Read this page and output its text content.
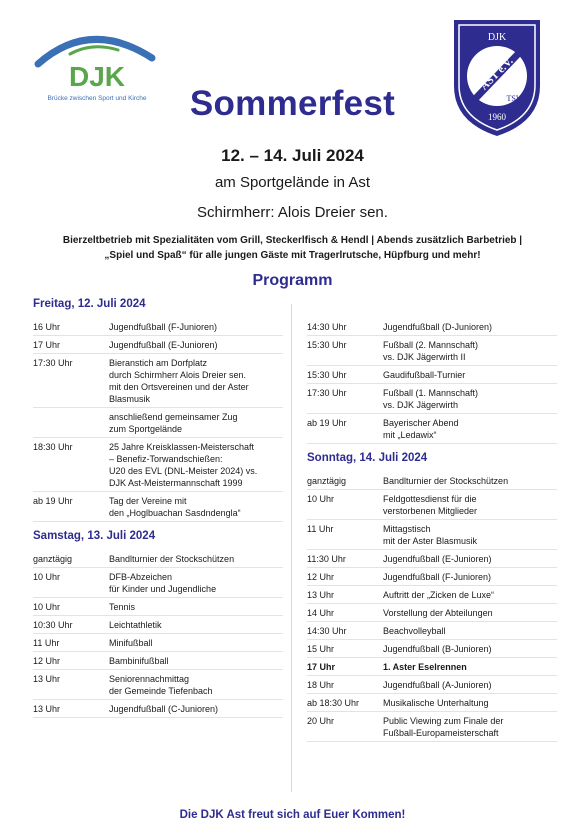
DJK
Brücke zwischen Sport und Kirche
DJK
AST e.V.
TSV
1960
Sommerfest
12. – 14. Juli 2024
am Sportgelände in Ast
Schirmherr: Alois Dreier sen.
Bierzeltbetrieb mit Spezialitäten vom Grill, Steckerlfisch & Hendl | Abends zusätzlich Barbetrieb |
„Spiel und Spaß“ für alle jungen Gäste mit Tragerlrutsche, Hüpfburg und mehr!
Programm
Freitag, 12. Juli 2024
16 Uhr	Jugendfußball (F-Junioren)
17 Uhr	Jugendfußball (E-Junioren)
17:30 Uhr	Bieranstich am Dorfplatz
durch Schirmherr Alois Dreier sen.
mit den Ortsvereinen und der Aster
Blasmusik
anschließend gemeinsamer Zug
zum Sportgelände
18:30 Uhr	25 Jahre Kreisklassen-Meisterschaft
– Benefiz-Torwandschießen:
U20 des EVL (DNL-Meister 2024) vs.
DJK Ast-Meistermannschaft 1999
ab 19 Uhr	Tag der Vereine mit
den „Hoglbuachan Sasdndengla“
Samstag, 13. Juli 2024
ganztägig	Bandlturnier der Stockschützen
10 Uhr	DFB-Abzeichen
für Kinder und Jugendliche
10 Uhr	Tennis
10:30 Uhr	Leichtathletik
11 Uhr	Minifußball
12 Uhr	Bambinifußball
13 Uhr	Seniorennachmittag
der Gemeinde Tiefenbach
13 Uhr	Jugendfußball (C-Junioren)
14:30 Uhr	Jugendfußball (D-Junioren)
15:30 Uhr	Fußball (2. Mannschaft)
vs. DJK Jägerwirth II
15:30 Uhr	Gaudifußball-Turnier
17:30 Uhr	Fußball (1. Mannschaft)
vs. DJK Jägerwirth
ab 19 Uhr	Bayerischer Abend
mit „Ledawix“
Sonntag, 14. Juli 2024
ganztägig	Bandlturnier der Stockschützen
10 Uhr	Feldgottesdienst für die
verstorbenen Mitglieder
11 Uhr	Mittagstisch
mit der Aster Blasmusik
11:30 Uhr	Jugendfußball (E-Junioren)
12 Uhr	Jugendfußball (F-Junioren)
13 Uhr	Auftritt der „Zicken de Luxe“
14 Uhr	Vorstellung der Abteilungen
14:30 Uhr	Beachvolleyball
15 Uhr	Jugendfußball (B-Junioren)
17 Uhr	1. Aster Eselrennen
18 Uhr	Jugendfußball (A-Junioren)
ab 18:30 Uhr	Musikalische Unterhaltung
20 Uhr	Public Viewing zum Finale der
Fußball-Europameisterschaft
Die DJK Ast freut sich auf Euer Kommen!
